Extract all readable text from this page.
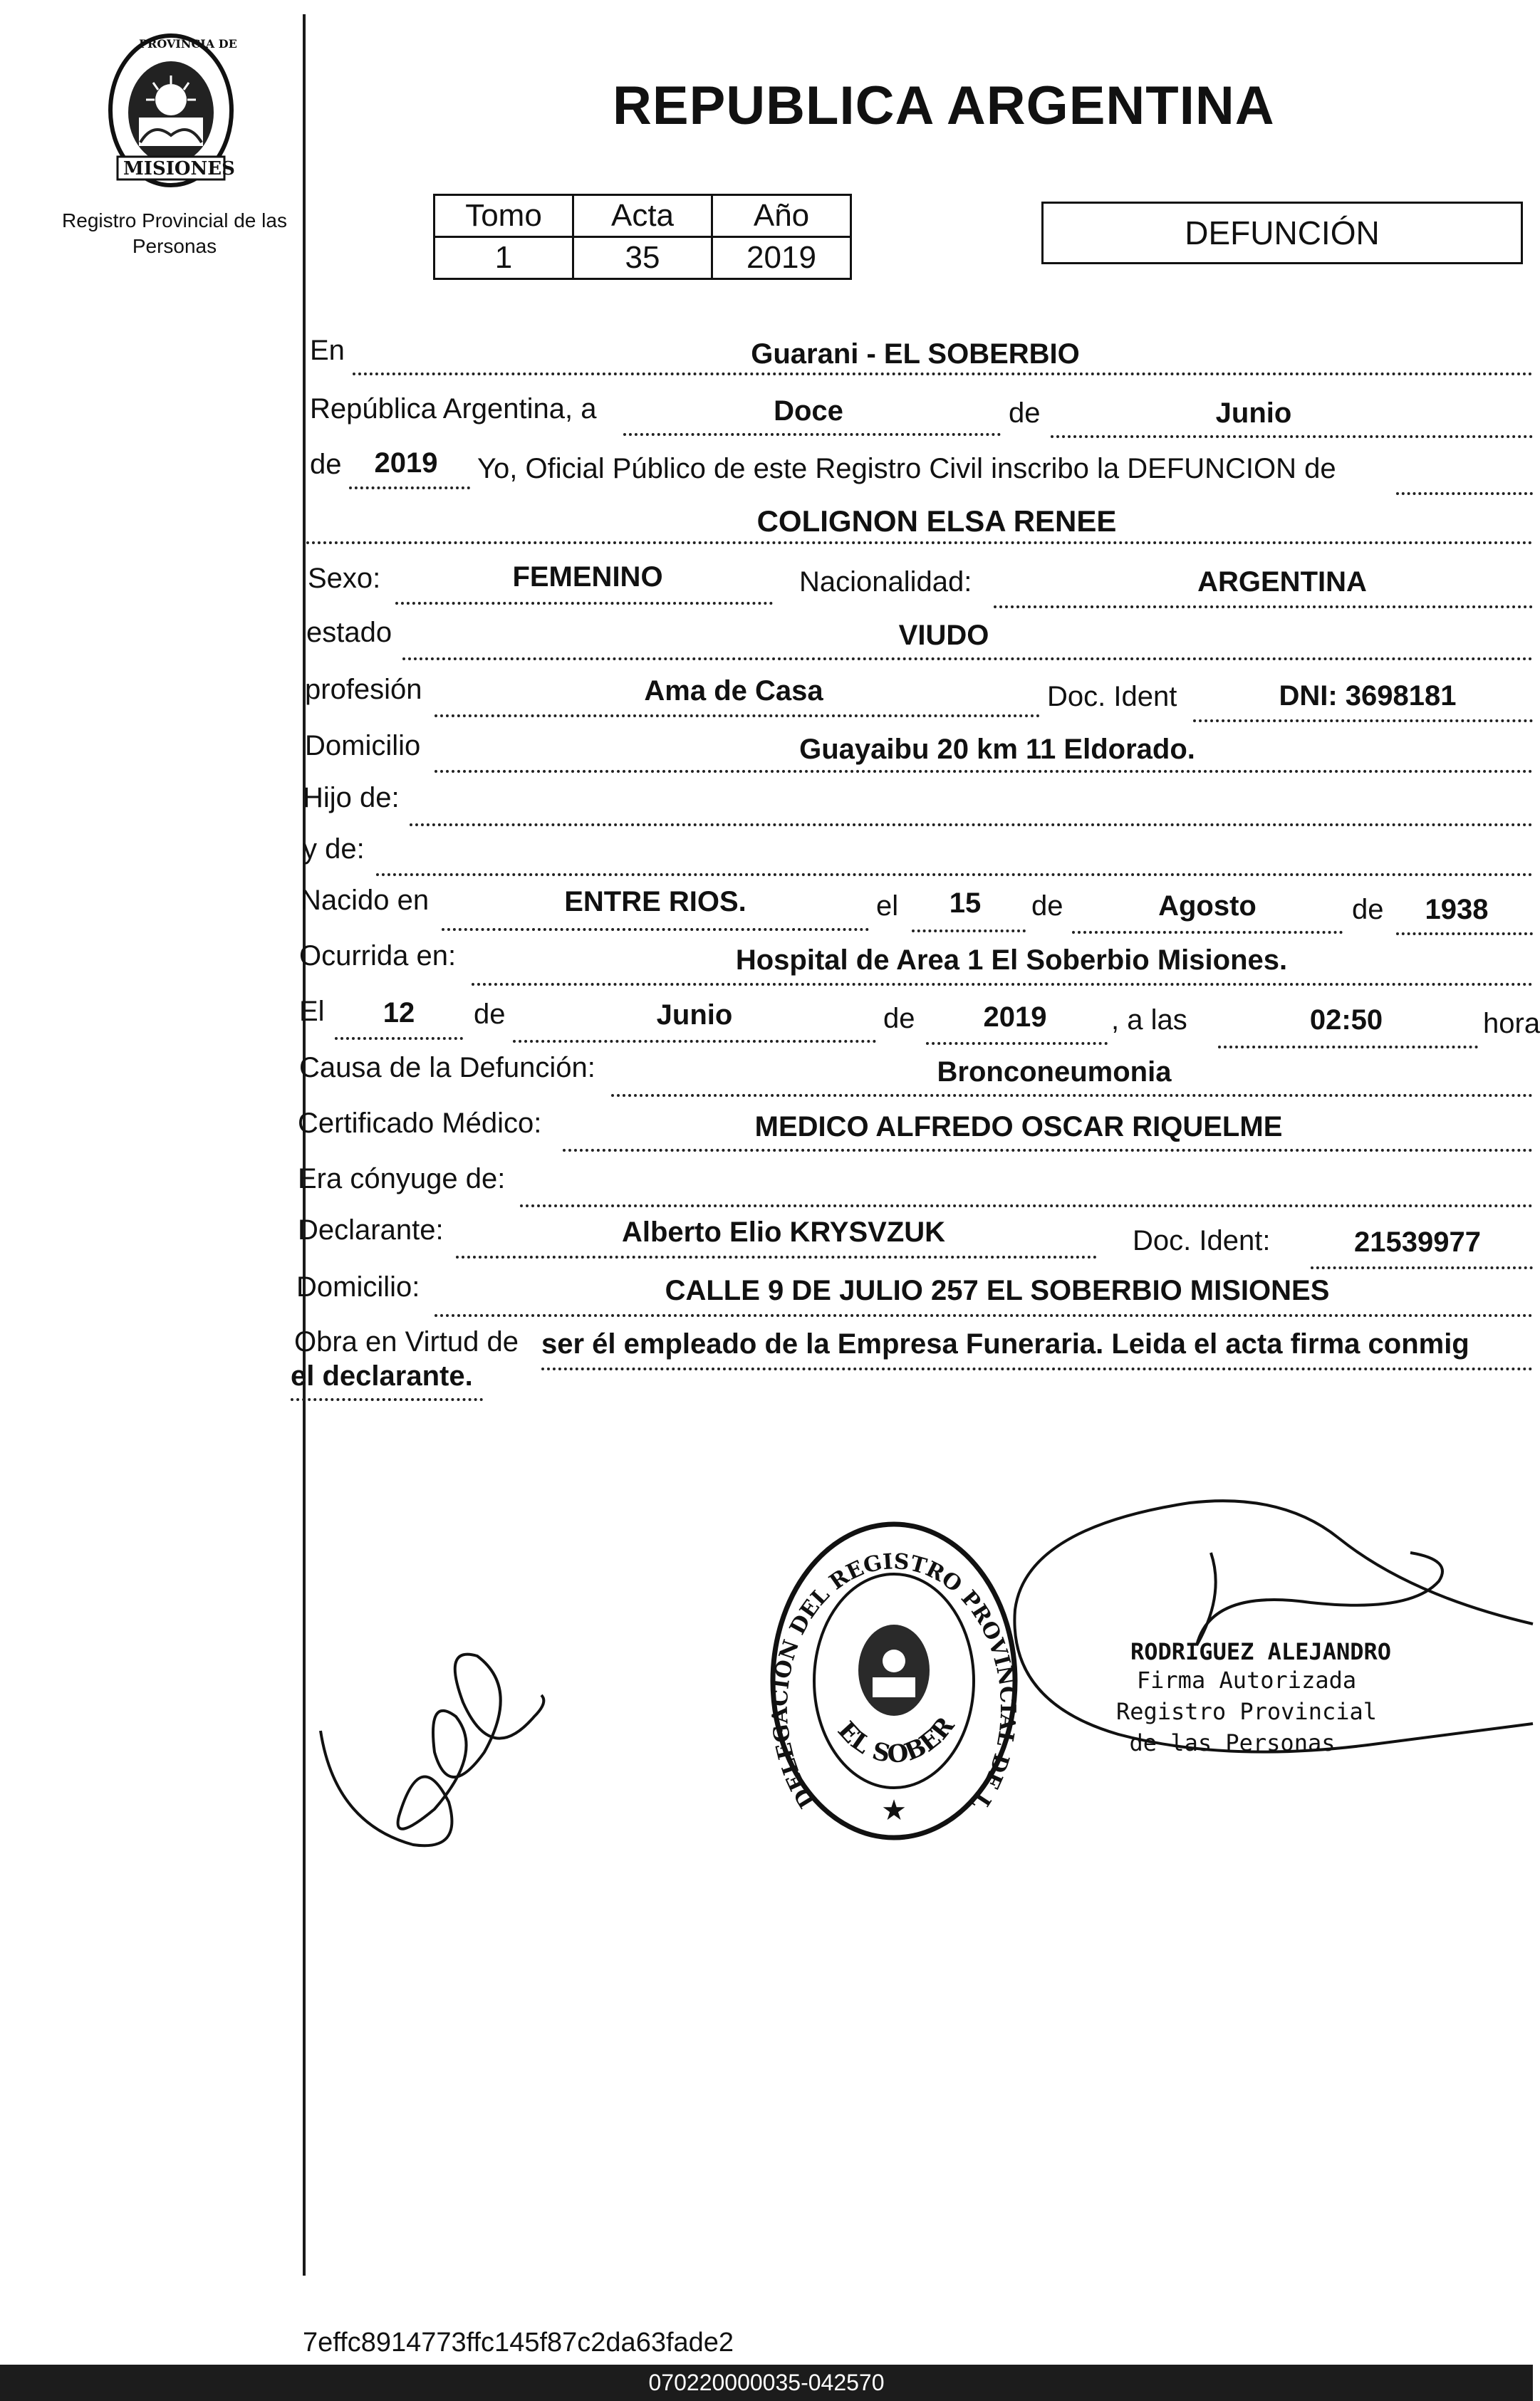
PROVINCIA DE
MISIONES
Registro Provincial de las Personas
REPUBLICA ARGENTINA
Tomo	Acta	Año
1	35	2019
DEFUNCIÓN
En	Guarani - EL SOBERBIO
República Argentina, a	Doce	de	Junio
de	2019	Yo, Oficial Público de este Registro Civil inscribo la DEFUNCION de
COLIGNON ELSA RENEE
Sexo:	FEMENINO	Nacionalidad:	ARGENTINA
estado	VIUDO
profesión	Ama de Casa	Doc. Ident	DNI: 3698181
Domicilio	Guayaibu 20 km 11 Eldorado.
Hijo de:
y de:
Nacido en	ENTRE RIOS.	el	15	de	Agosto	de	1938
Ocurrida en:	Hospital de Area 1 El Soberbio Misiones.
El	12	de	Junio	de	2019	, a las	02:50	hora
Causa de la Defunción:	Bronconeumonia
Certificado Médico:	MEDICO ALFREDO OSCAR RIQUELME
Era cónyuge de:
Declarante:	Alberto Elio KRYSVZUK	Doc. Ident:	21539977
Domicilio:	CALLE 9 DE JULIO 257 EL SOBERBIO MISIONES
Obra en Virtud de ser él empleado de la Empresa Funeraria. Leida el acta firma conmig
el declarante.
DELEGACION DEL REGISTRO PROVINCIAL DE L
EL SOBER
★
RODRIGUEZ ALEJANDRO
Firma Autorizada
Registro Provincial
de las Personas
7effc8914773ffc145f87c2da63fade2
070220000035-042570
